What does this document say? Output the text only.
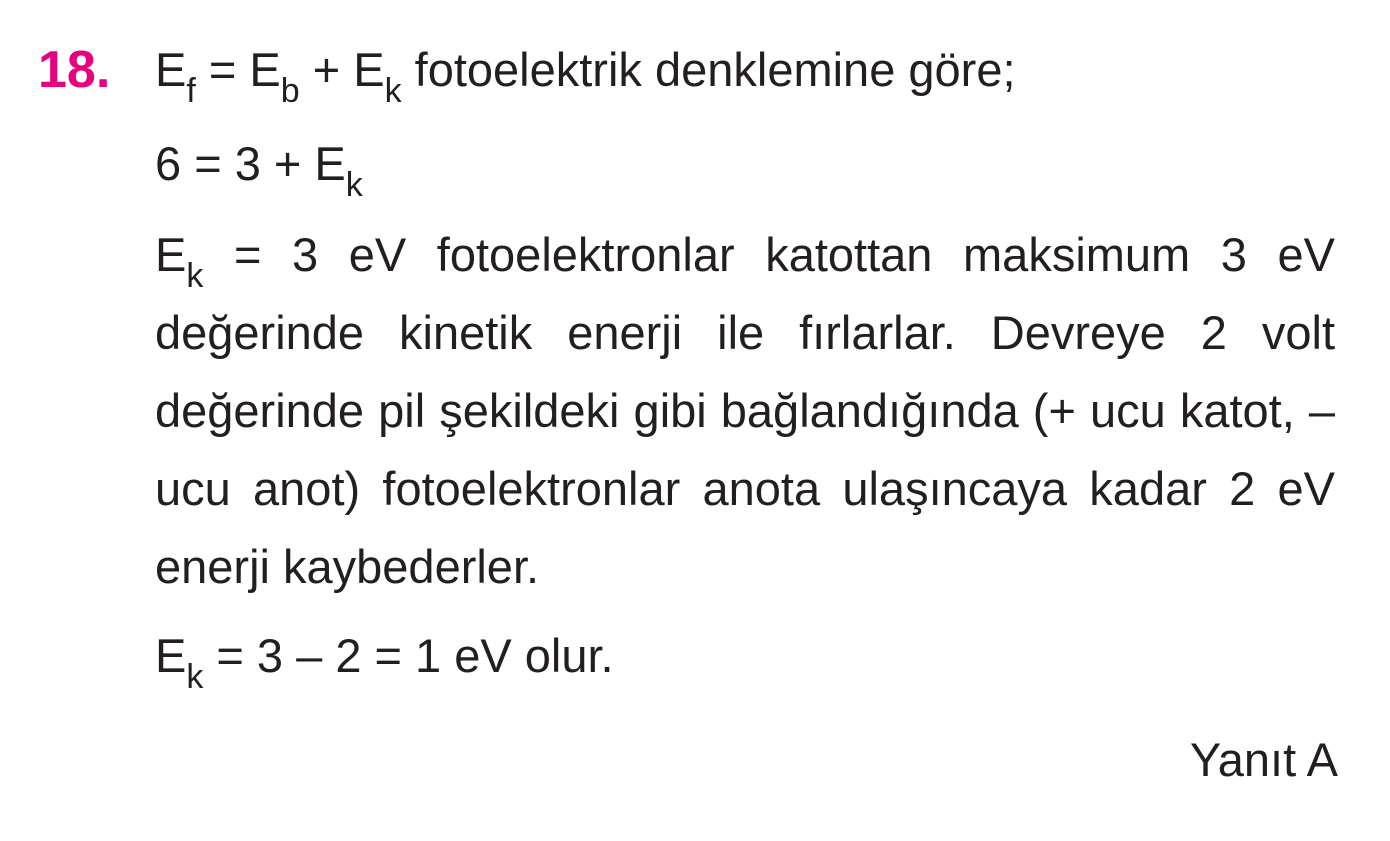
18. $E_f = E_b + E_k$ fotoelektrik denklemine göre;

$6 = 3 + E_k$

$E_k = 3$ eV fotoelektronlar katottan maksimum 3 eV değerinde kinetik enerji ile fırlarlar. Devreye 2 volt değerinde pil şekildeki gibi bağlandığında (+ ucu katot, – ucu anot) fotoelektronlar anota ulaşıncaya kadar 2 eV enerji kaybederler.

$E_k = 3 - 2 = 1$ eV olur.

Yanıt A
